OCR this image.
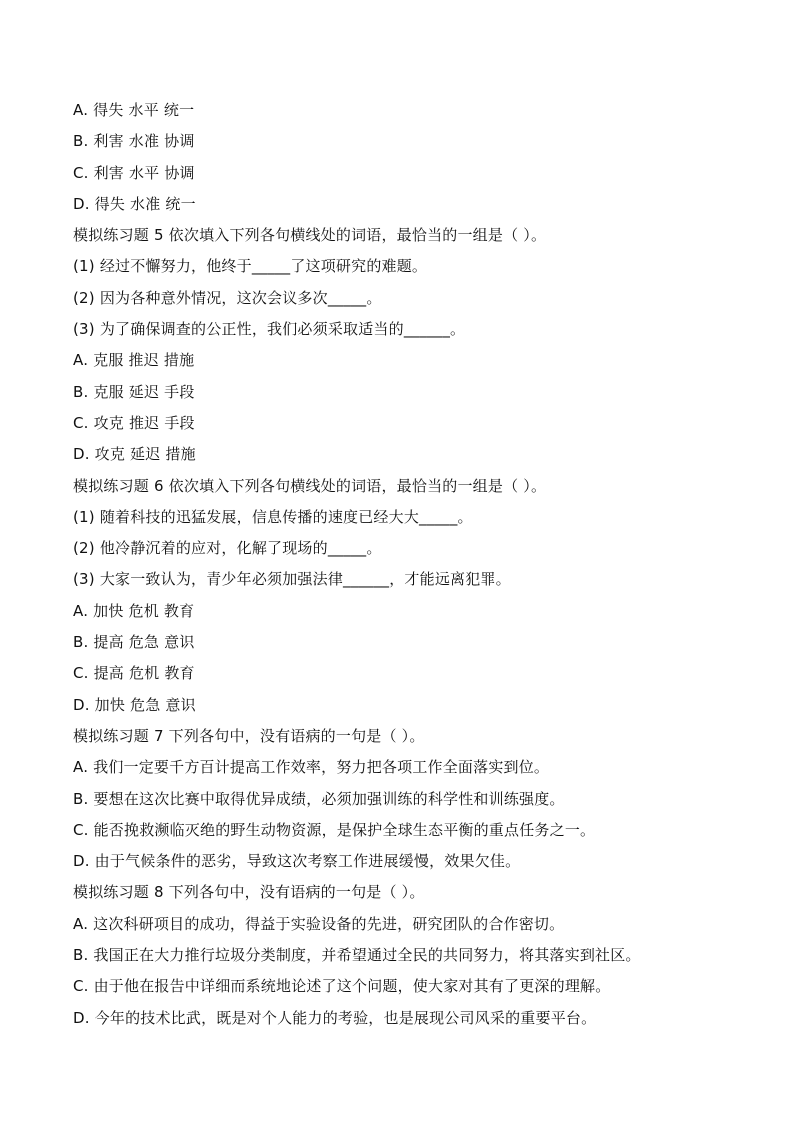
A. 得失 水平 统一
B. 利害 水准 协调
C. 利害 水平 协调
D. 得失 水准 统一
模拟练习题 5 依次填入下列各句横线处的词语，最恰当的一组是（ ）。
(1) 经过不懈努力，他终于_____了这项研究的难题。
(2) 因为各种意外情况，这次会议多次_____。
(3) 为了确保调查的公正性，我们必须采取适当的______。
A. 克服 推迟 措施
B. 克服 延迟 手段
C. 攻克 推迟 手段
D. 攻克 延迟 措施
模拟练习题 6 依次填入下列各句横线处的词语，最恰当的一组是（ ）。
(1) 随着科技的迅猛发展，信息传播的速度已经大大_____。
(2) 他冷静沉着的应对，化解了现场的_____。
(3) 大家一致认为，青少年必须加强法律______，才能远离犯罪。
A. 加快 危机 教育
B. 提高 危急 意识
C. 提高 危机 教育
D. 加快 危急 意识
模拟练习题 7 下列各句中，没有语病的一句是（ ）。
A. 我们一定要千方百计提高工作效率，努力把各项工作全面落实到位。
B. 要想在这次比赛中取得优异成绩，必须加强训练的科学性和训练强度。
C. 能否挽救濒临灭绝的野生动物资源，是保护全球生态平衡的重点任务之一。
D. 由于气候条件的恶劣，导致这次考察工作进展缓慢，效果欠佳。
模拟练习题 8 下列各句中，没有语病的一句是（ ）。
A. 这次科研项目的成功，得益于实验设备的先进，研究团队的合作密切。
B. 我国正在大力推行垃圾分类制度，并希望通过全民的共同努力，将其落实到社区。
C. 由于他在报告中详细而系统地论述了这个问题，使大家对其有了更深的理解。
D. 今年的技术比武，既是对个人能力的考验，也是展现公司风采的重要平台。
